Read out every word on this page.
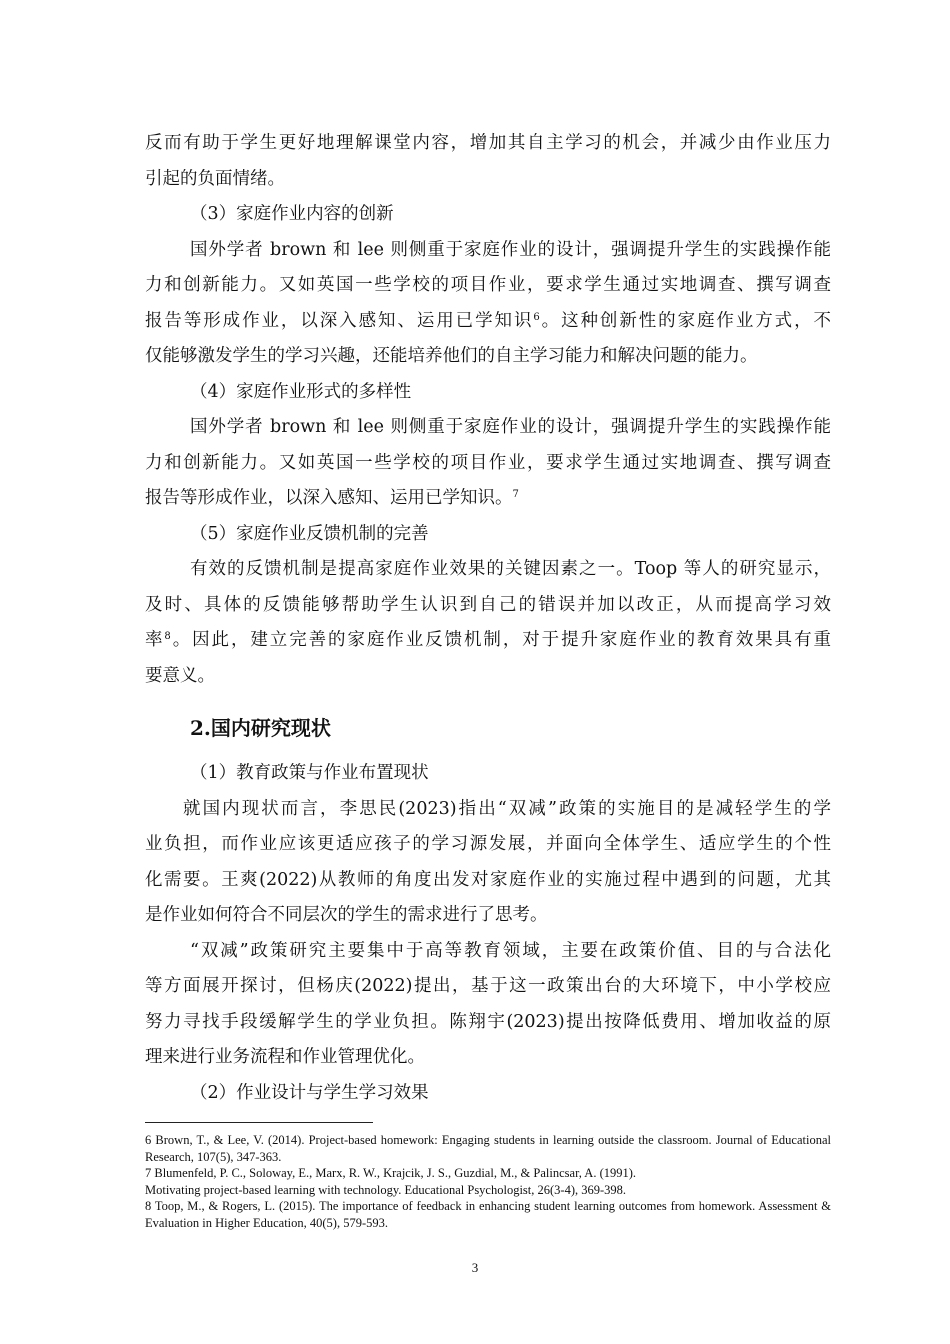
反而有助于学生更好地理解课堂内容，增加其自主学习的机会，并减少由作业压力
引起的负面情绪。
（3）家庭作业内容的创新
国外学者 brown 和 lee 则侧重于家庭作业的设计，强调提升学生的实践操作能
力和创新能力。又如英国一些学校的项目作业，要求学生通过实地调查、撰写调查
报告等形成作业，以深入感知、运用已学知识$^6$。这种创新性的家庭作业方式，不
仅能够激发学生的学习兴趣，还能培养他们的自主学习能力和解决问题的能力。
（4）家庭作业形式的多样性
国外学者 brown 和 lee 则侧重于家庭作业的设计，强调提升学生的实践操作能
力和创新能力。又如英国一些学校的项目作业，要求学生通过实地调查、撰写调查
报告等形成作业，以深入感知、运用已学知识。$^7$
（5）家庭作业反馈机制的完善
有效的反馈机制是提高家庭作业效果的关键因素之一。Toop 等人的研究显示，
及时、具体的反馈能够帮助学生认识到自己的错误并加以改正，从而提高学习效
率$^8$。因此，建立完善的家庭作业反馈机制，对于提升家庭作业的教育效果具有重
要意义。
2.国内研究现状
（1）教育政策与作业布置现状
就国内现状而言，李思民(2023)指出“双减”政策的实施目的是减轻学生的学
业负担，而作业应该更适应孩子的学习源发展，并面向全体学生、适应学生的个性
化需要。王爽(2022)从教师的角度出发对家庭作业的实施过程中遇到的问题，尤其
是作业如何符合不同层次的学生的需求进行了思考。
“双减”政策研究主要集中于高等教育领域，主要在政策价值、目的与合法化
等方面展开探讨，但杨庆(2022)提出，基于这一政策出台的大环境下，中小学校应
努力寻找手段缓解学生的学业负担。陈翔宇(2023)提出按降低费用、增加收益的原
理来进行业务流程和作业管理优化。
（2）作业设计与学生学习效果
6 Brown, T., & Lee, V. (2014). Project-based homework: Engaging students in learning outside the classroom. Journal of Educational Research, 107(5), 347-363.
7 Blumenfeld, P. C., Soloway, E., Marx, R. W., Krajcik, J. S., Guzdial, M., & Palincsar, A. (1991).
Motivating project-based learning with technology. Educational Psychologist, 26(3-4), 369-398.
8 Toop, M., & Rogers, L. (2015). The importance of feedback in enhancing student learning outcomes from homework. Assessment & Evaluation in Higher Education, 40(5), 579-593.
3
